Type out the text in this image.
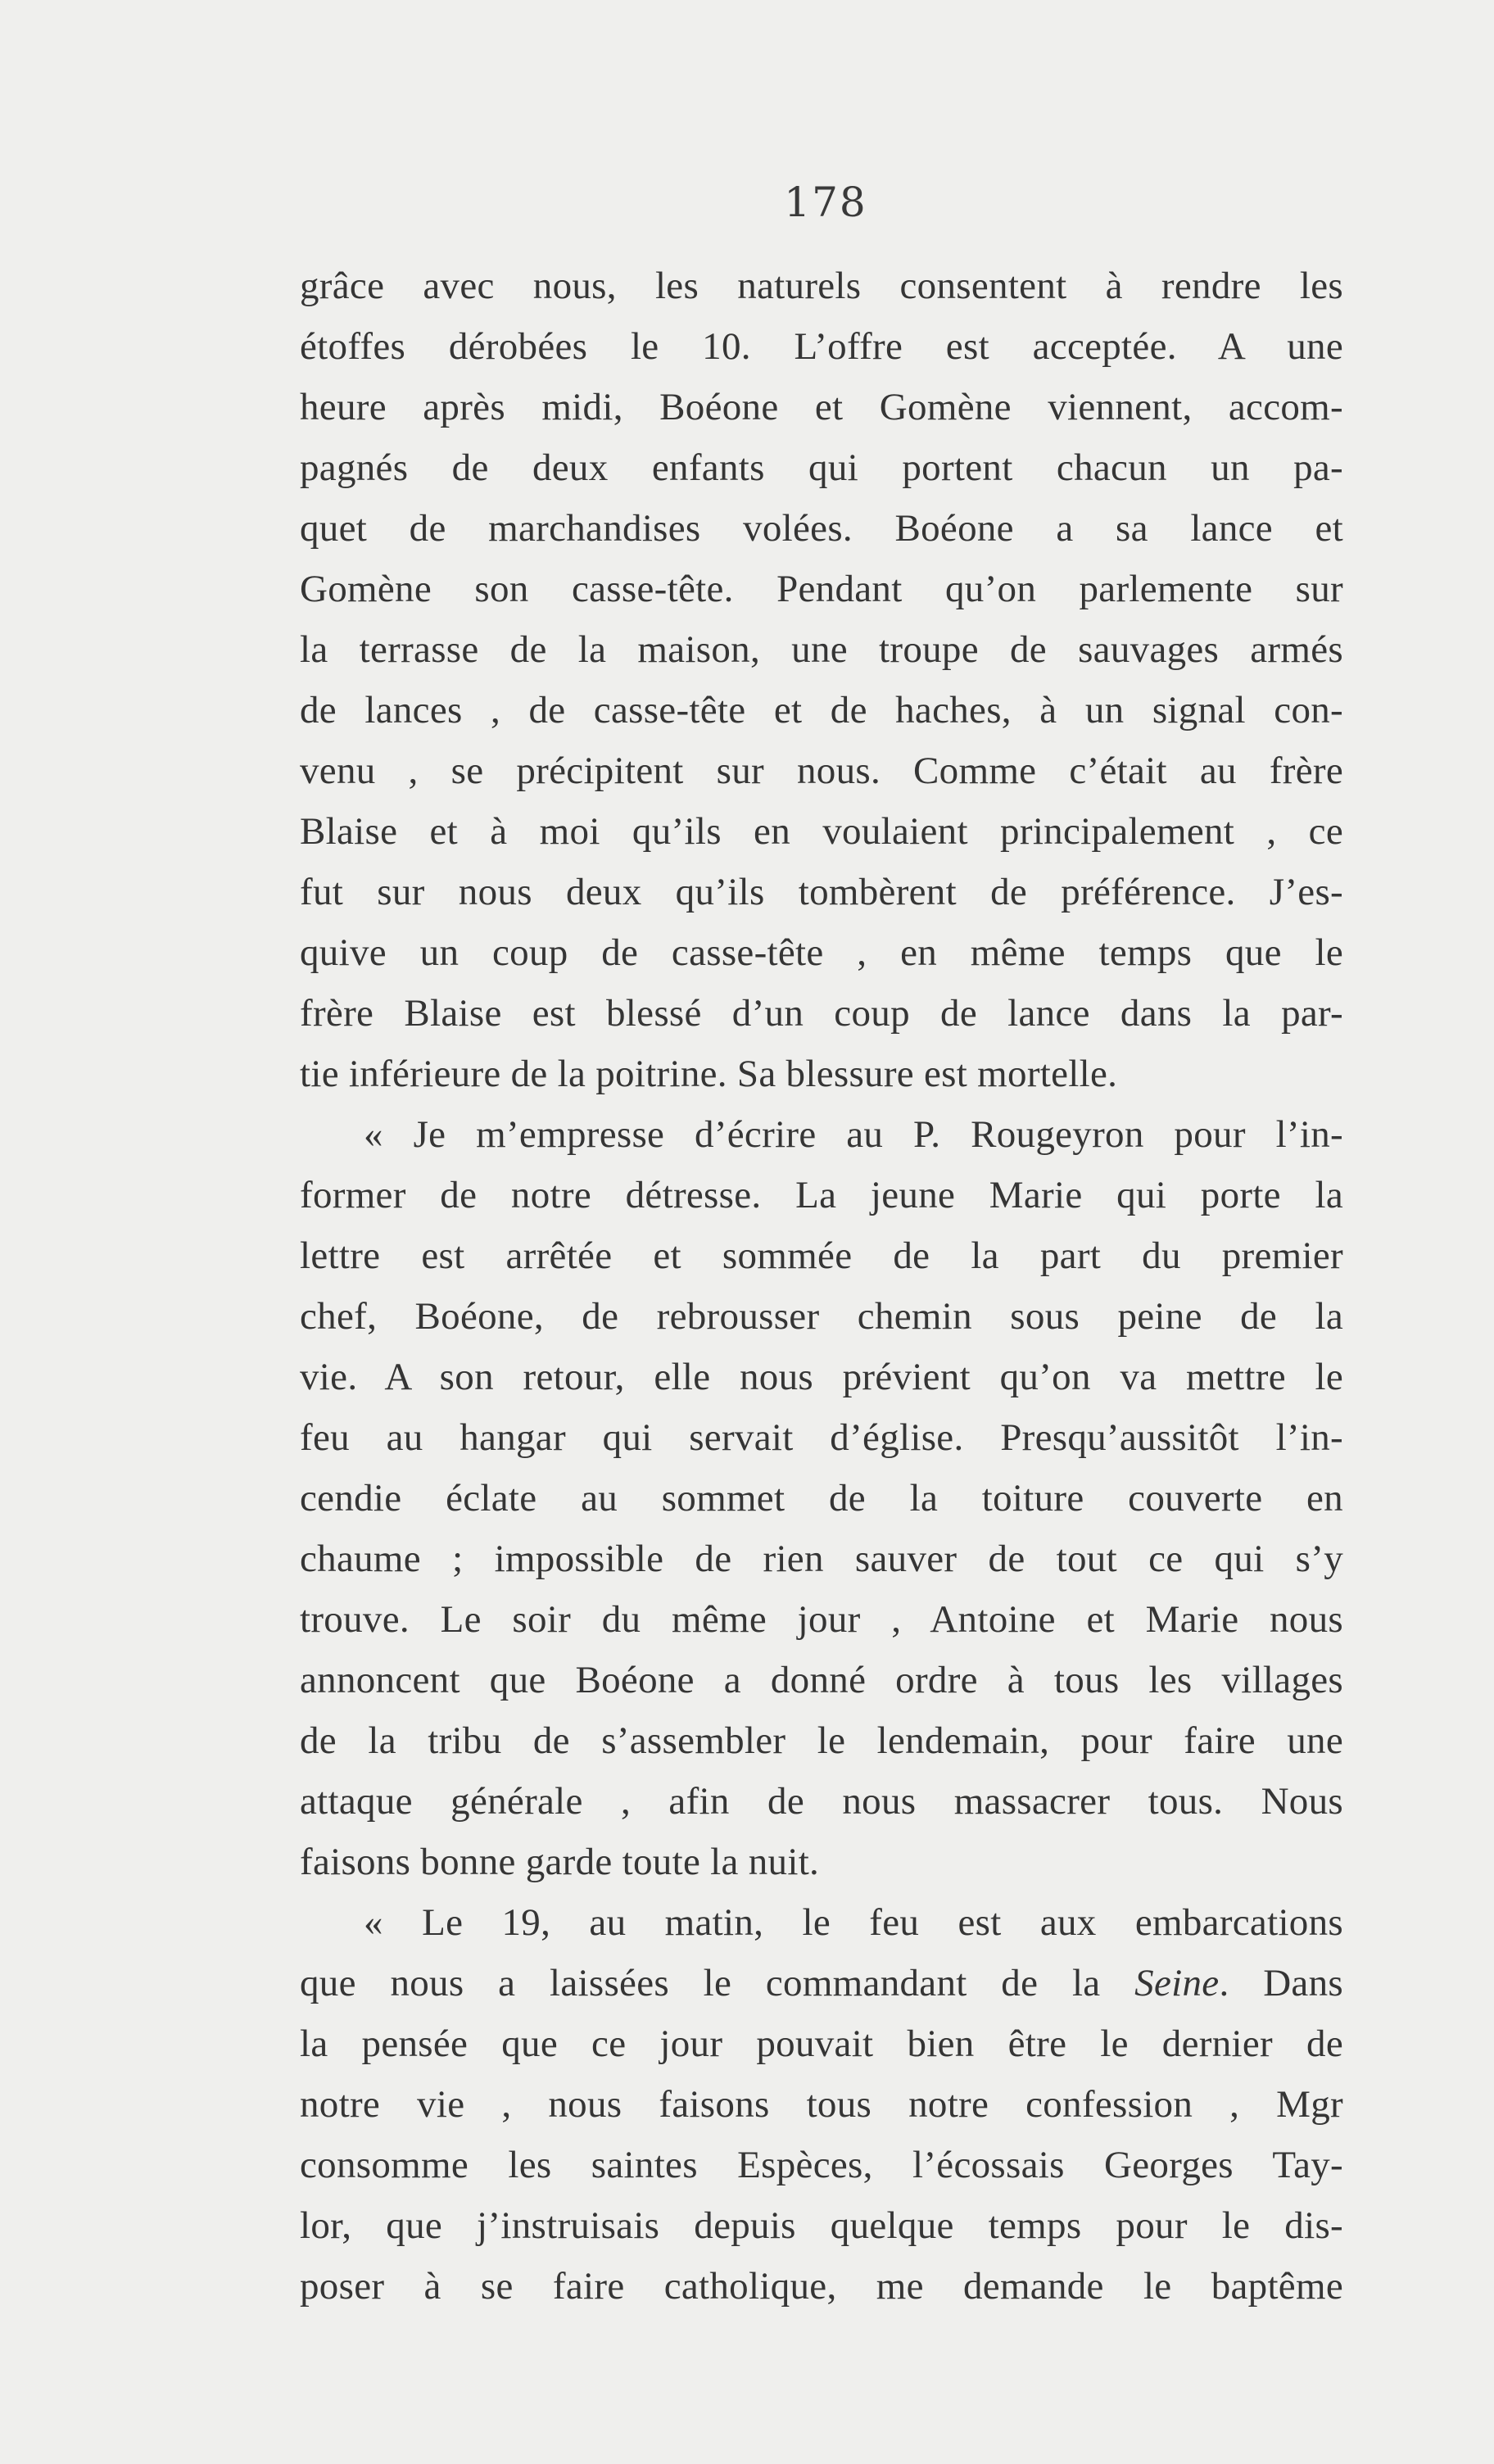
178
grâce avec nous, les naturels consentent à rendre les
étoffes dérobées le 10. L’offre est acceptée. A une
heure après midi, Boéone et Gomène viennent, accom-
pagnés de deux enfants qui portent chacun un pa-
quet de marchandises volées. Boéone a sa lance et
Gomène son casse-tête. Pendant qu’on parlemente sur
la terrasse de la maison, une troupe de sauvages armés
de lances , de casse-tête et de haches, à un signal con-
venu , se précipitent sur nous. Comme c’était au frère
Blaise et à moi qu’ils en voulaient principalement , ce
fut sur nous deux qu’ils tombèrent de préférence. J’es-
quive un coup de casse-tête , en même temps que le
frère Blaise est blessé d’un coup de lance dans la par-
tie inférieure de la poitrine. Sa blessure est mortelle.
« Je m’empresse d’écrire au P. Rougeyron pour l’in-
former de notre détresse. La jeune Marie qui porte la
lettre est arrêtée et sommée de la part du premier
chef, Boéone, de rebrousser chemin sous peine de la
vie. A son retour, elle nous prévient qu’on va mettre le
feu au hangar qui servait d’église. Presqu’aussitôt l’in-
cendie éclate au sommet de la toiture couverte en
chaume ; impossible de rien sauver de tout ce qui s’y
trouve. Le soir du même jour , Antoine et Marie nous
annoncent que Boéone a donné ordre à tous les villages
de la tribu de s’assembler le lendemain, pour faire une
attaque générale , afin de nous massacrer tous. Nous
faisons bonne garde toute la nuit.
« Le 19, au matin, le feu est aux embarcations
que nous a laissées le commandant de la Seine. Dans
la pensée que ce jour pouvait bien être le dernier de
notre vie , nous faisons tous notre confession , Mgr
consomme les saintes Espèces, l’écossais Georges Tay-
lor, que j’instruisais depuis quelque temps pour le dis-
poser à se faire catholique, me demande le baptême
